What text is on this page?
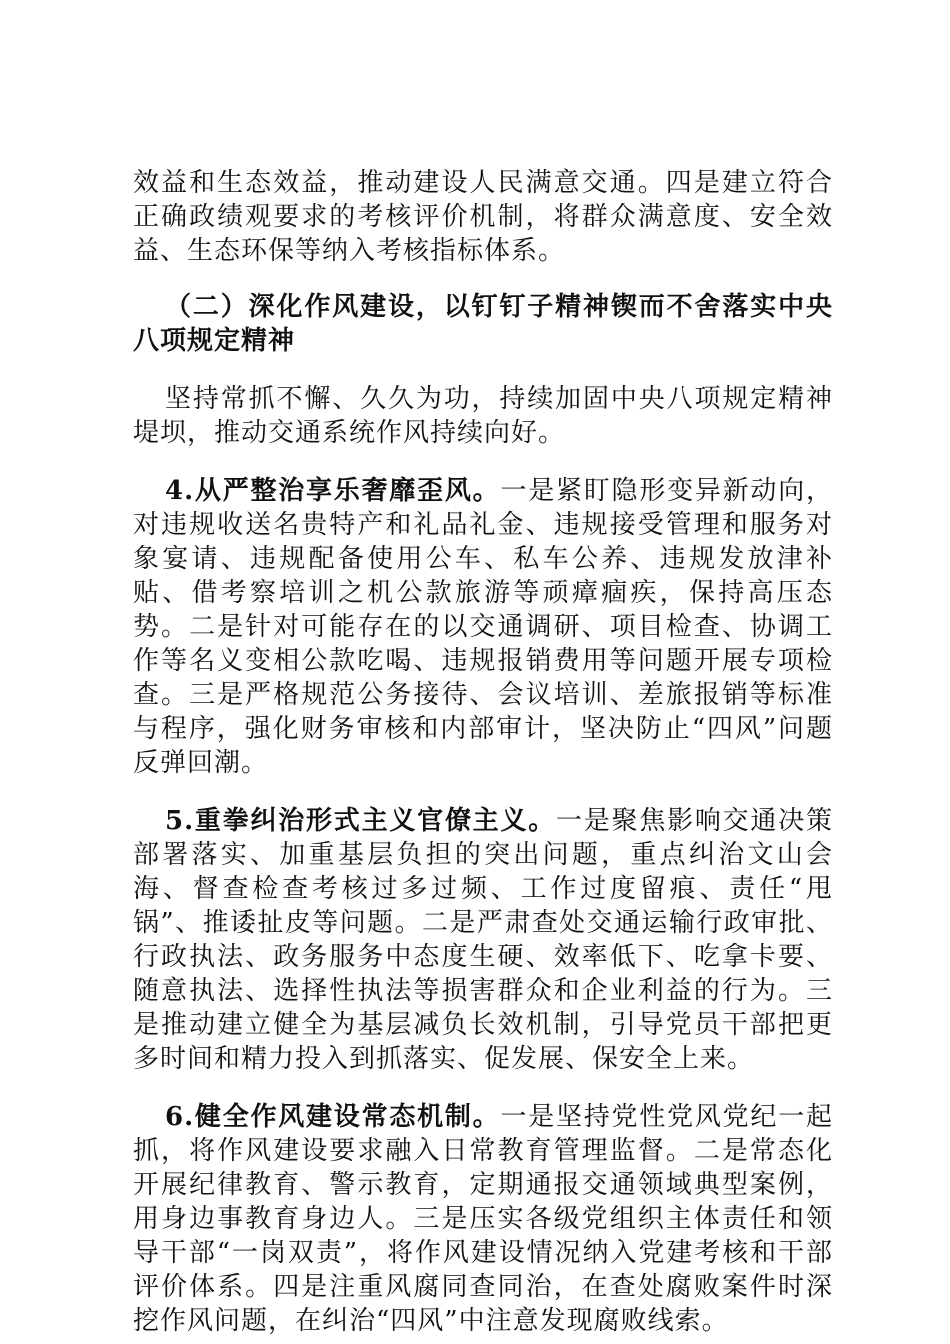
效益和生态效益，推动建设人民满意交通。四是建立符合正确政绩观要求的考核评价机制，将群众满意度、安全效益、生态环保等纳入考核指标体系。

（二）深化作风建设，以钉钉子精神锲而不舍落实中央八项规定精神

坚持常抓不懈、久久为功，持续加固中央八项规定精神堤坝，推动交通系统作风持续向好。

4.从严整治享乐奢靡歪风。一是紧盯隐形变异新动向，对违规收送名贵特产和礼品礼金、违规接受管理和服务对象宴请、违规配备使用公车、私车公养、违规发放津补贴、借考察培训之机公款旅游等顽瘴痼疾，保持高压态势。二是针对可能存在的以交通调研、项目检查、协调工作等名义变相公款吃喝、违规报销费用等问题开展专项检查。三是严格规范公务接待、会议培训、差旅报销等标准与程序，强化财务审核和内部审计，坚决防止“四风”问题反弹回潮。

5.重拳纠治形式主义官僚主义。一是聚焦影响交通决策部署落实、加重基层负担的突出问题，重点纠治文山会海、督查检查考核过多过频、工作过度留痕、责任“甩锅”、推诿扯皮等问题。二是严肃查处交通运输行政审批、行政执法、政务服务中态度生硬、效率低下、吃拿卡要、随意执法、选择性执法等损害群众和企业利益的行为。三是推动建立健全为基层减负长效机制，引导党员干部把更多时间和精力投入到抓落实、促发展、保安全上来。

6.健全作风建设常态机制。一是坚持党性党风党纪一起抓，将作风建设要求融入日常教育管理监督。二是常态化开展纪律教育、警示教育，定期通报交通领域典型案例，用身边事教育身边人。三是压实各级党组织主体责任和领导干部“一岗双责”，将作风建设情况纳入党建考核和干部评价体系。四是注重风腐同查同治，在查处腐败案件时深挖作风问题，在纠治“四风”中注意发现腐败线索。
